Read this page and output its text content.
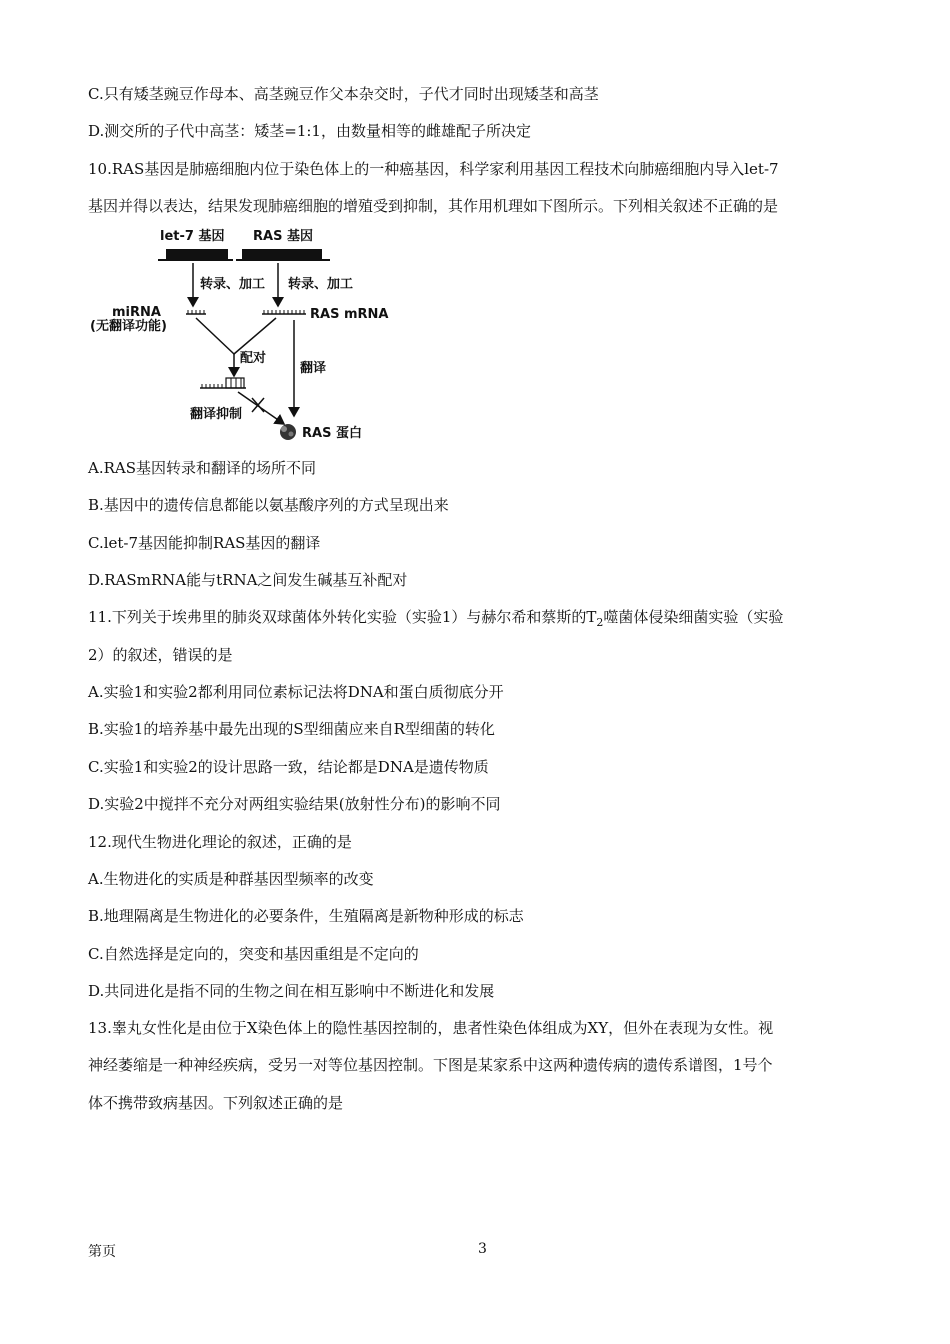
C.只有矮茎豌豆作母本、高茎豌豆作父本杂交时，子代才同时出现矮茎和高茎
D.测交所的子代中高茎：矮茎=1:1，由数量相等的雌雄配子所决定
10.RAS基因是肺癌细胞内位于染色体上的一种癌基因，科学家利用基因工程技术向肺癌细胞内导入let-7
基因并得以表达，结果发现肺癌细胞的增殖受到抑制，其作用机理如下图所示。下列相关叙述不正确的是
let-7 基因 RAS 基因
转录、加工 转录、加工
miRNA
(无翻译功能)
RAS mRNA
配对
翻译
翻译抑制
RAS 蛋白
A.RAS基因转录和翻译的场所不同
B.基因中的遗传信息都能以氨基酸序列的方式呈现出来
C.let-7基因能抑制RAS基因的翻译
D.RASmRNA能与tRNA之间发生碱基互补配对
11.下列关于埃弗里的肺炎双球菌体外转化实验（实验1）与赫尔希和蔡斯的$T_2$噬菌体侵染细菌实验（实验
2）的叙述，错误的是
A.实验1和实验2都利用同位素标记法将DNA和蛋白质彻底分开
B.实验1的培养基中最先出现的S型细菌应来自R型细菌的转化
C.实验1和实验2的设计思路一致，结论都是DNA是遗传物质
D.实验2中搅拌不充分对两组实验结果(放射性分布)的影响不同
12.现代生物进化理论的叙述，正确的是
A.生物进化的实质是种群基因型频率的改变
B.地理隔离是生物进化的必要条件，生殖隔离是新物种形成的标志
C.自然选择是定向的，突变和基因重组是不定向的
D.共同进化是指不同的生物之间在相互影响中不断进化和发展
13.睾丸女性化是由位于X染色体上的隐性基因控制的，患者性染色体组成为XY，但外在表现为女性。视
神经萎缩是一种神经疾病，受另一对等位基因控制。下图是某家系中这两种遗传病的遗传系谱图，1号个
体不携带致病基因。下列叙述正确的是
第页	3
